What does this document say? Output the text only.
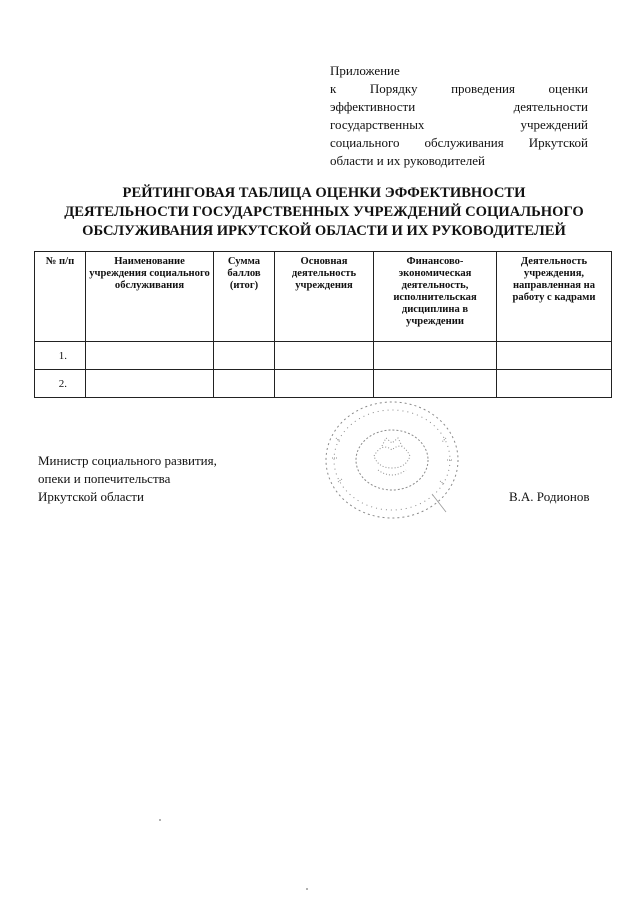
Приложение
к Порядку проведения оценки
эффективности деятельности
государственных учреждений
социального обслуживания Иркутской
области и их руководителей
РЕЙТИНГОВАЯ ТАБЛИЦА ОЦЕНКИ ЭФФЕКТИВНОСТИ
ДЕЯТЕЛЬНОСТИ ГОСУДАРСТВЕННЫХ УЧРЕЖДЕНИЙ СОЦИАЛЬНОГО
ОБСЛУЖИВАНИЯ ИРКУТСКОЙ ОБЛАСТИ И ИХ РУКОВОДИТЕЛЕЙ
№ п/п	Наименование учреждения социального обслуживания	Сумма баллов (итог)	Основная деятельность учреждения	Финансово-экономическая деятельность, исполнительская дисциплина в учреждении	Деятельность учреждения, направленная на работу с кадрами
1.					
2.					
Министр социального развития,
опеки и попечительства
Иркутской области	В.А. Родионов
